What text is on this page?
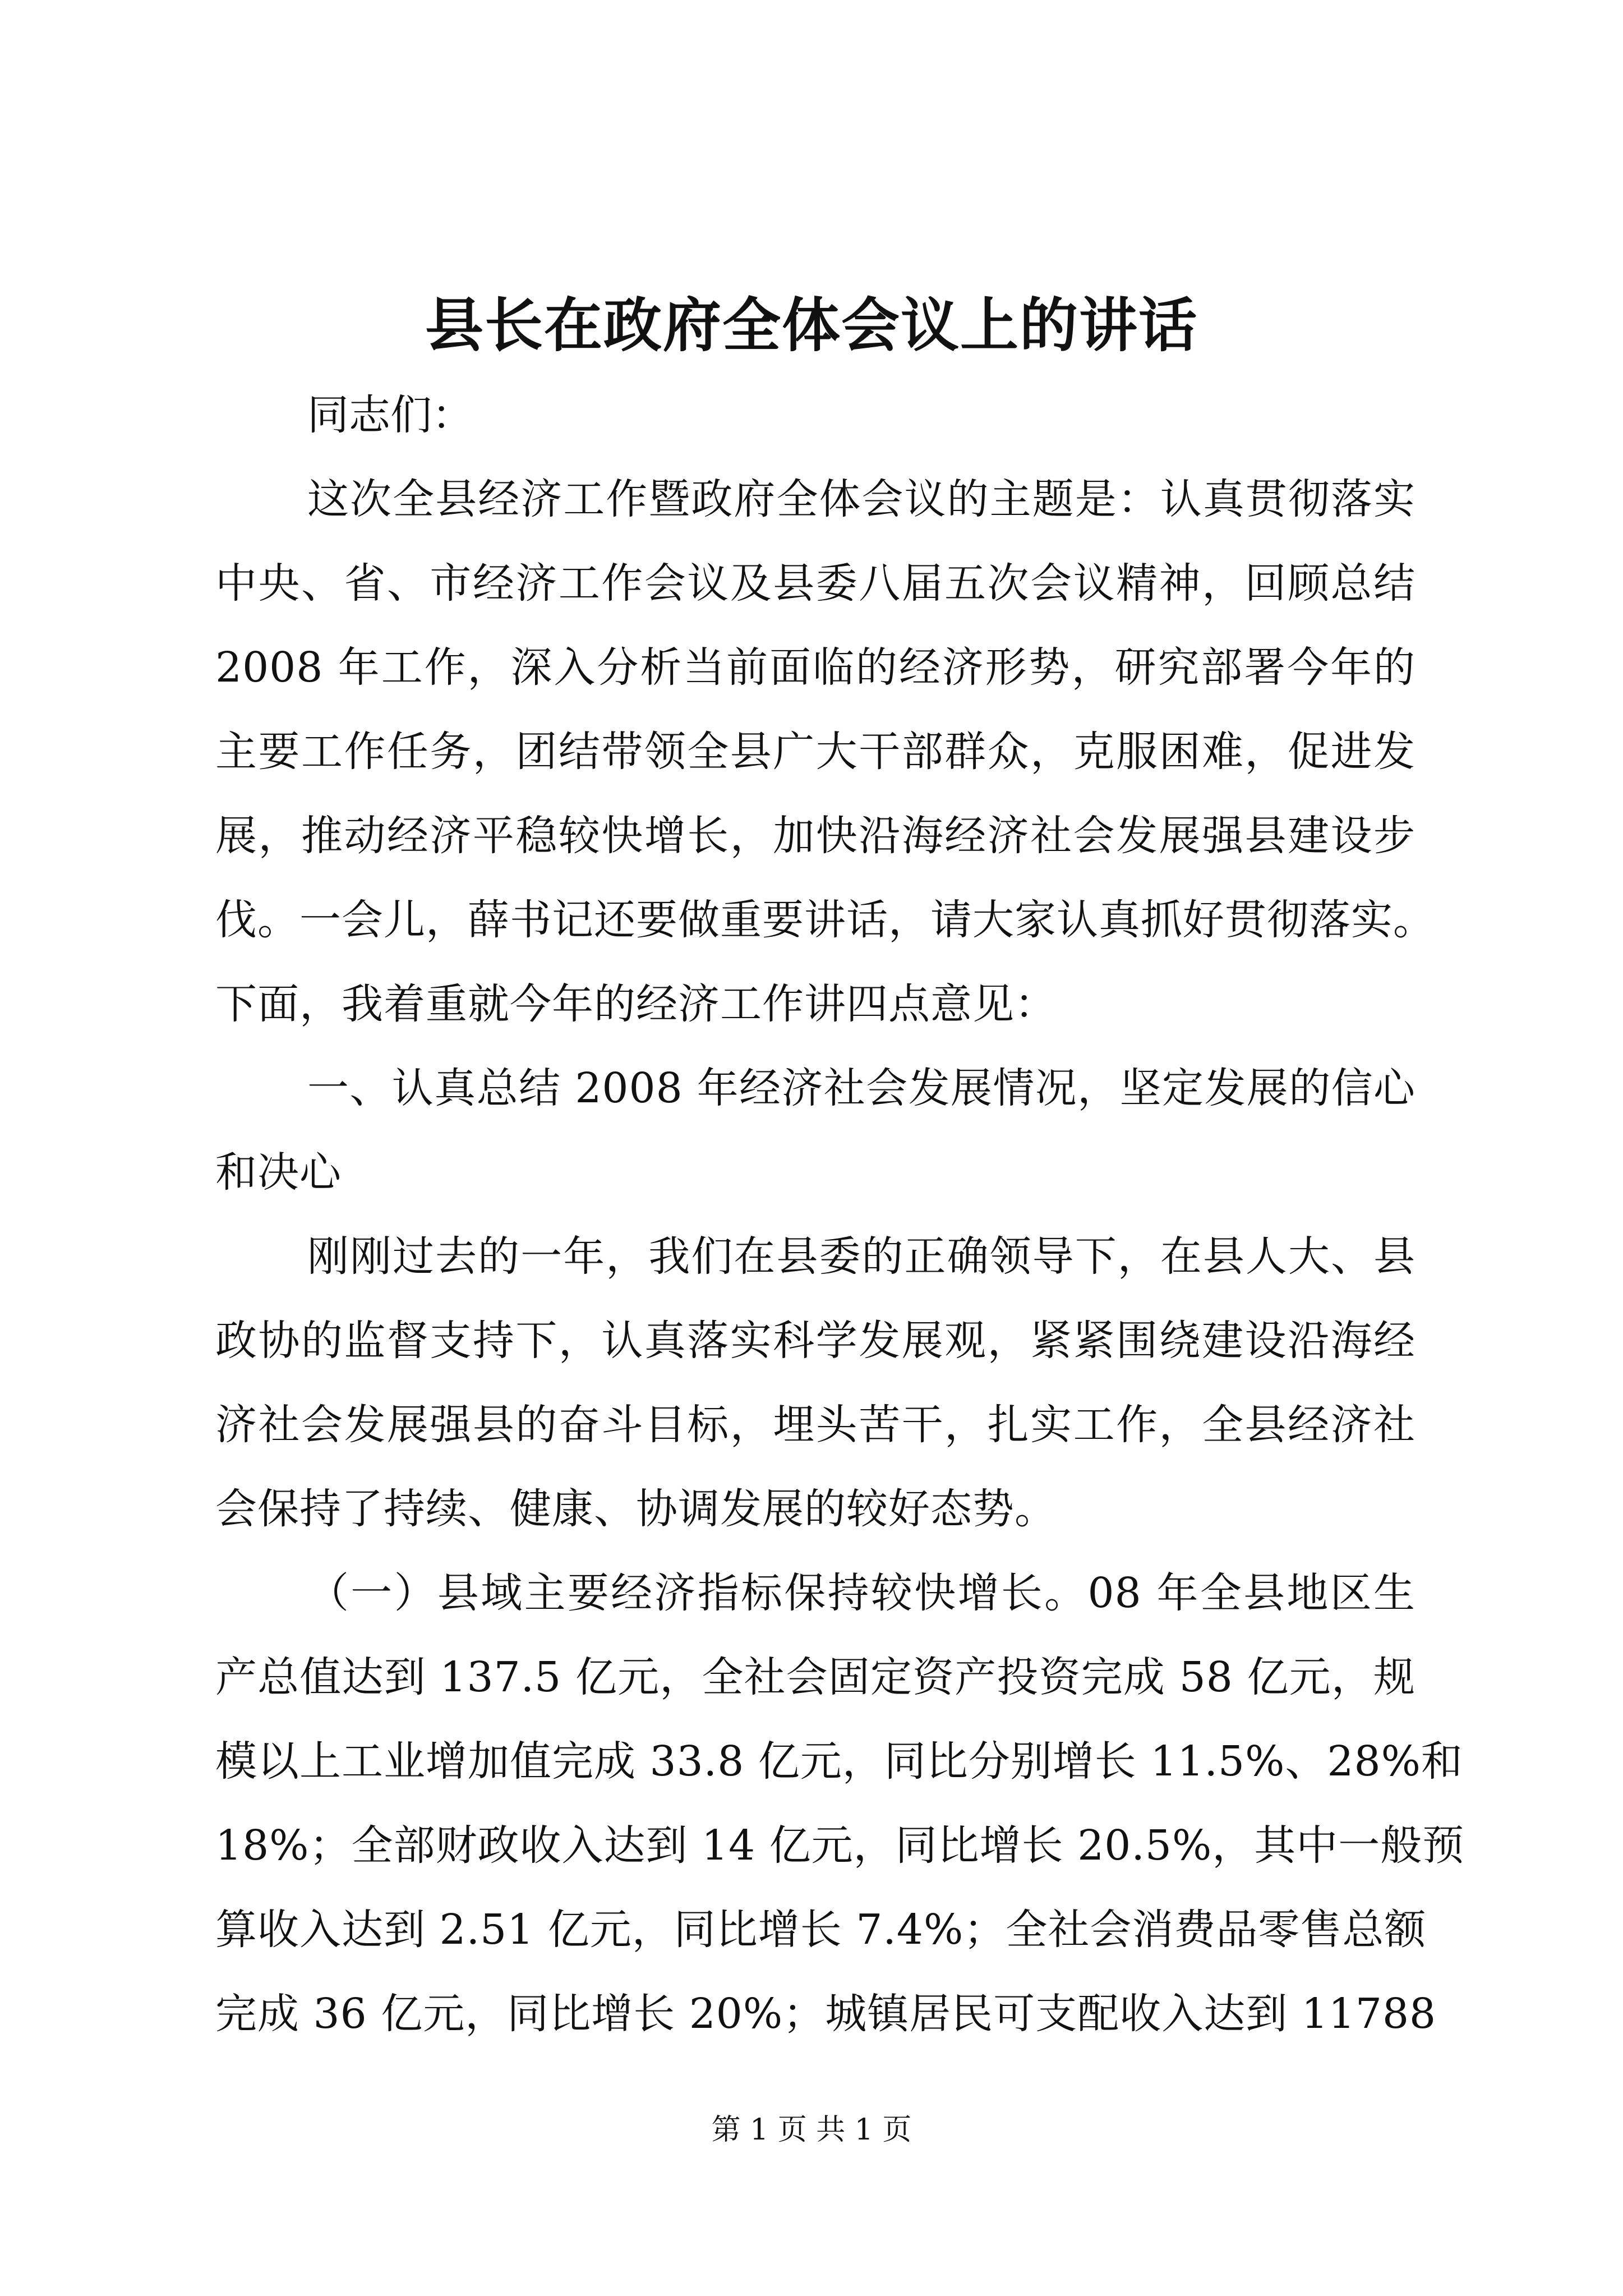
县长在政府全体会议上的讲话
同志们：
这次全县经济工作暨政府全体会议的主题是：认真贯彻落实
中央、省、市经济工作会议及县委八届五次会议精神，回顾总结
2008 年工作，深入分析当前面临的经济形势，研究部署今年的
主要工作任务，团结带领全县广大干部群众，克服困难，促进发
展，推动经济平稳较快增长，加快沿海经济社会发展强县建设步
伐。一会儿，薛书记还要做重要讲话，请大家认真抓好贯彻落实。
下面，我着重就今年的经济工作讲四点意见：
一、认真总结 2008 年经济社会发展情况，坚定发展的信心
和决心
刚刚过去的一年，我们在县委的正确领导下，在县人大、县
政协的监督支持下，认真落实科学发展观，紧紧围绕建设沿海经
济社会发展强县的奋斗目标，埋头苦干，扎实工作，全县经济社
会保持了持续、健康、协调发展的较好态势。
（一）县域主要经济指标保持较快增长。08 年全县地区生
产总值达到 137.5 亿元，全社会固定资产投资完成 58 亿元，规
模以上工业增加值完成 33.8 亿元，同比分别增长 11.5%、28%和
18%；全部财政收入达到 14 亿元，同比增长 20.5%，其中一般预
算收入达到 2.51 亿元，同比增长 7.4%；全社会消费品零售总额
完成 36 亿元，同比增长 20%；城镇居民可支配收入达到 11788
第 1 页 共 1 页
